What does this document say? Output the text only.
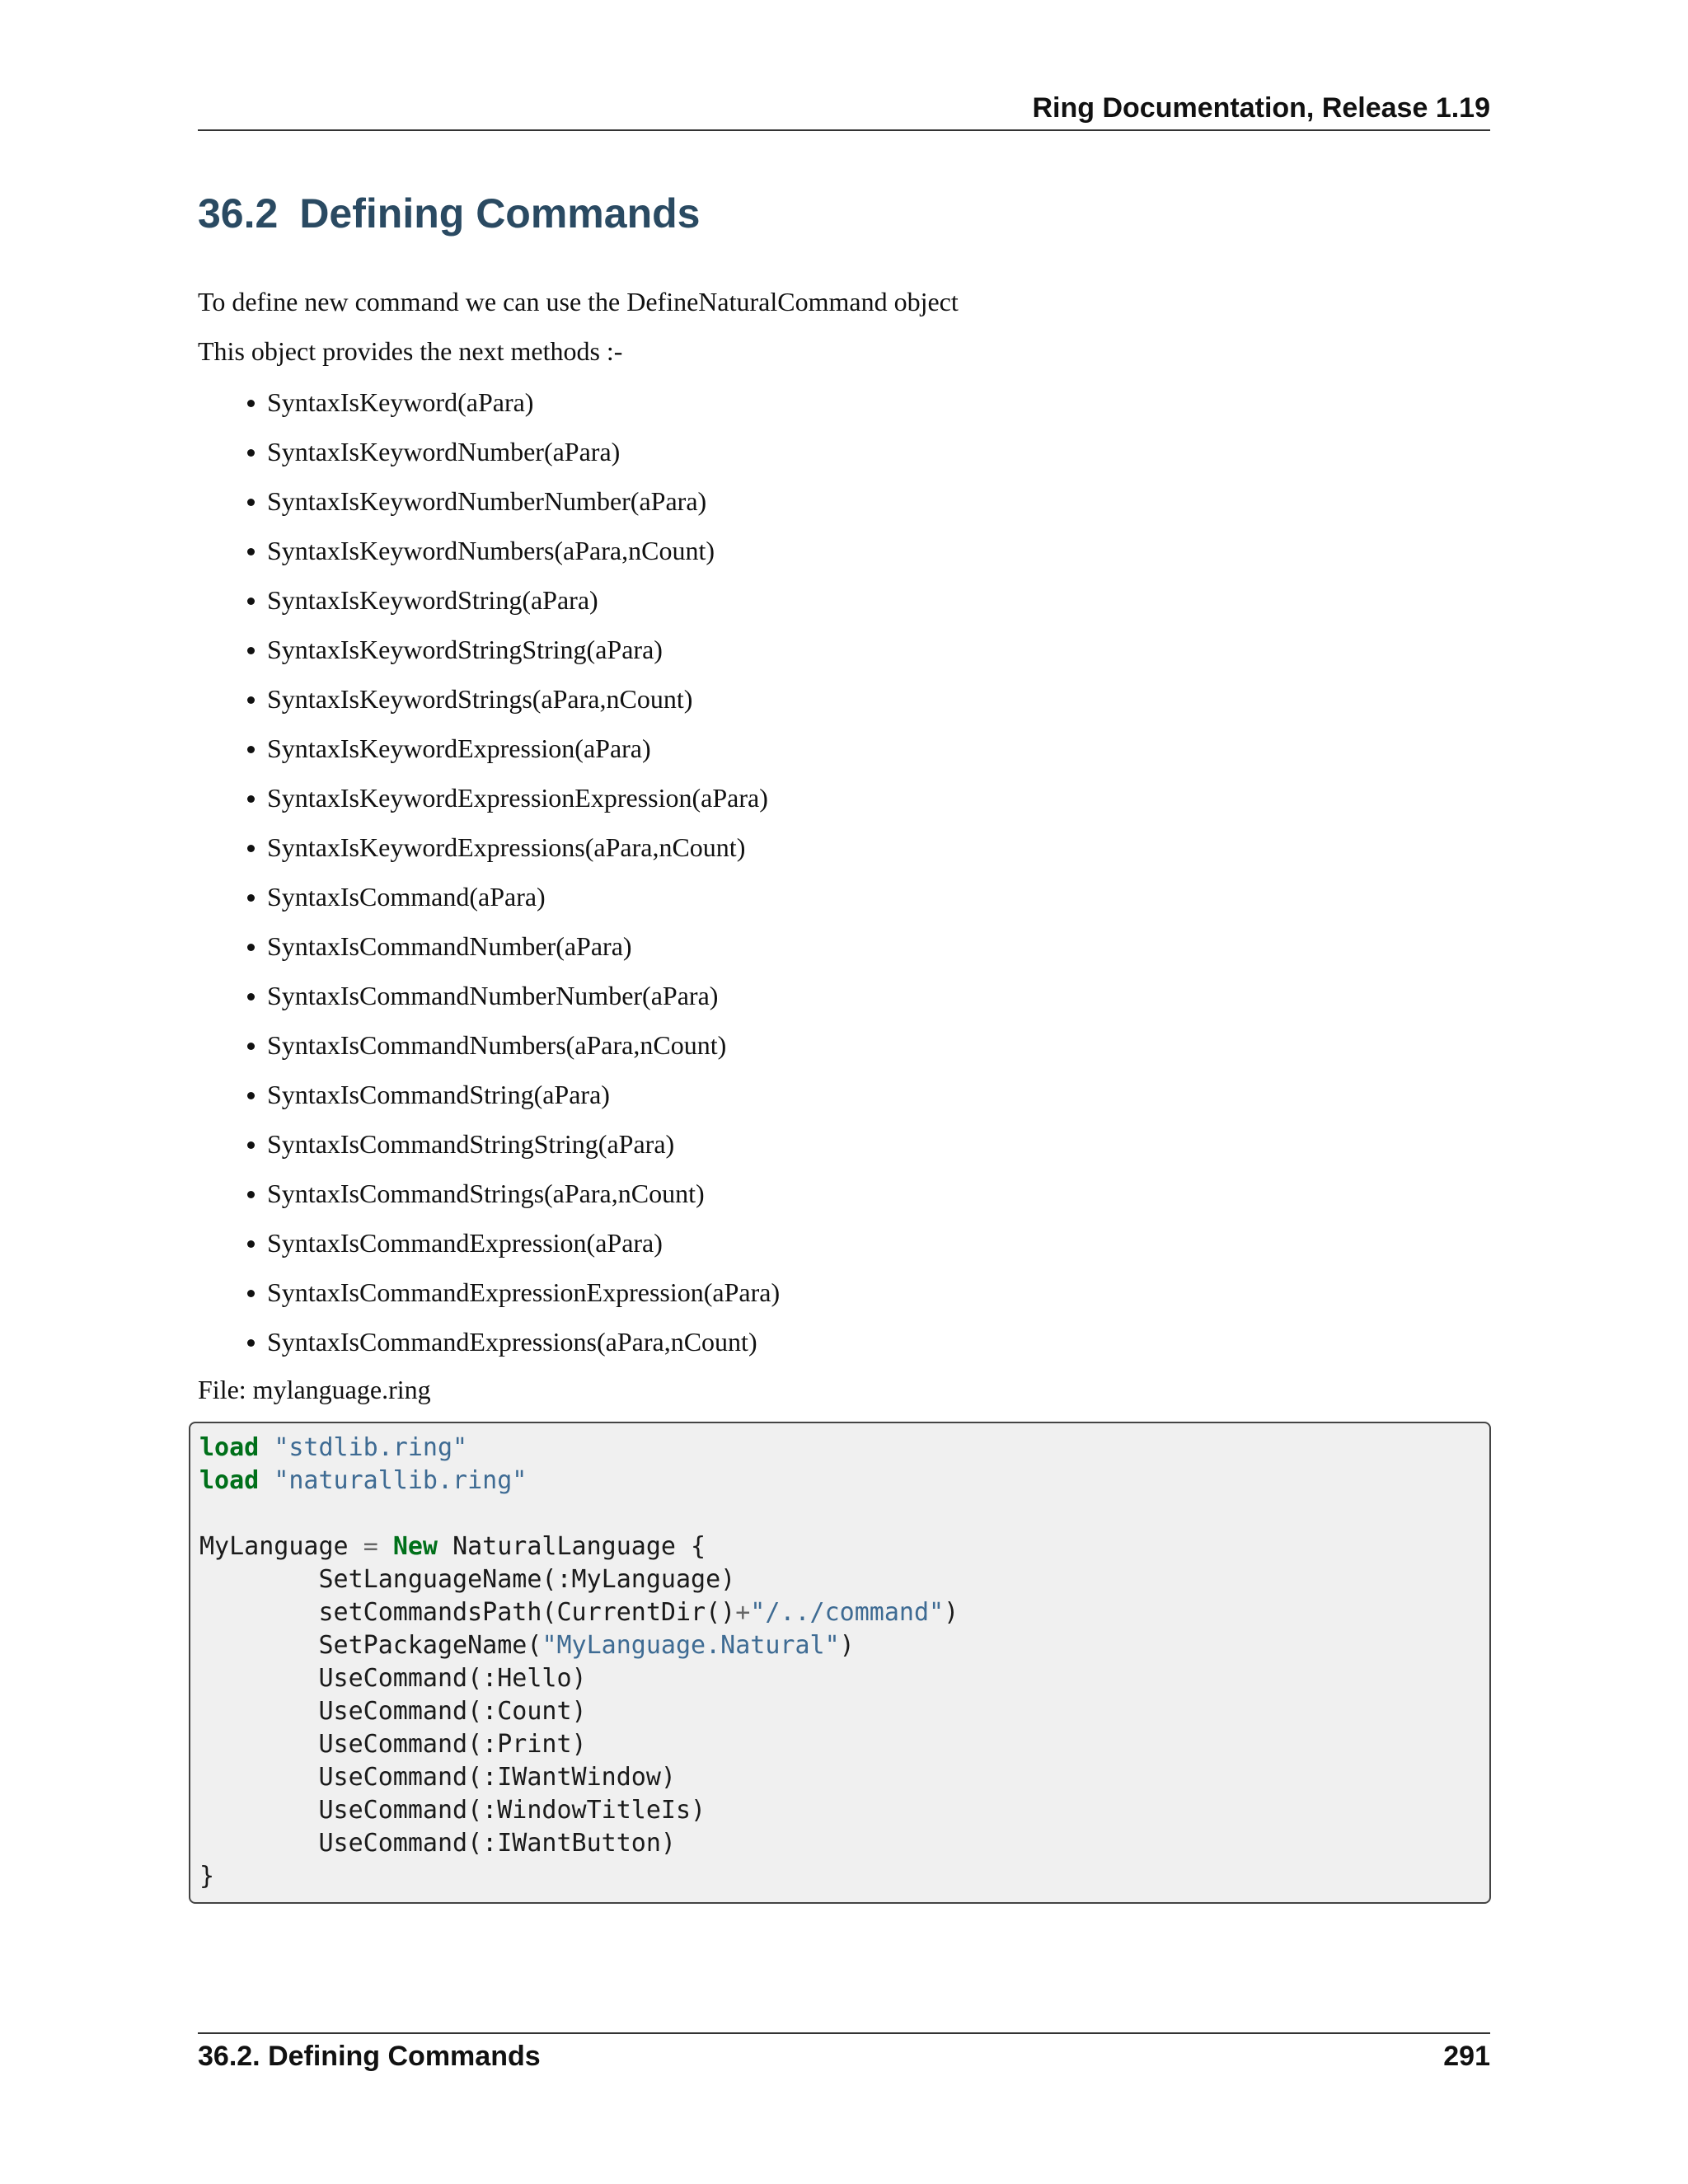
Ring Documentation, Release 1.19
36.2 Defining Commands

To define new command we can use the DefineNaturalCommand object

This object provides the next methods :-

SyntaxIsKeyword(aPara)
SyntaxIsKeywordNumber(aPara)
SyntaxIsKeywordNumberNumber(aPara)
SyntaxIsKeywordNumbers(aPara,nCount)
SyntaxIsKeywordString(aPara)
SyntaxIsKeywordStringString(aPara)
SyntaxIsKeywordStrings(aPara,nCount)
SyntaxIsKeywordExpression(aPara)
SyntaxIsKeywordExpressionExpression(aPara)
SyntaxIsKeywordExpressions(aPara,nCount)
SyntaxIsCommand(aPara)
SyntaxIsCommandNumber(aPara)
SyntaxIsCommandNumberNumber(aPara)
SyntaxIsCommandNumbers(aPara,nCount)
SyntaxIsCommandString(aPara)
SyntaxIsCommandStringString(aPara)
SyntaxIsCommandStrings(aPara,nCount)
SyntaxIsCommandExpression(aPara)
SyntaxIsCommandExpressionExpression(aPara)
SyntaxIsCommandExpressions(aPara,nCount)

File: mylanguage.ring

load "stdlib.ring"
load "naturallib.ring"

MyLanguage = New NaturalLanguage {
SetLanguageName(:MyLanguage)
setCommandsPath(CurrentDir()+"/../command")
SetPackageName("MyLanguage.Natural")
UseCommand(:Hello)
UseCommand(:Count)
UseCommand(:Print)
UseCommand(:IWantWindow)
UseCommand(:WindowTitleIs)
UseCommand(:IWantButton)
}
36.2. Defining Commands	291
